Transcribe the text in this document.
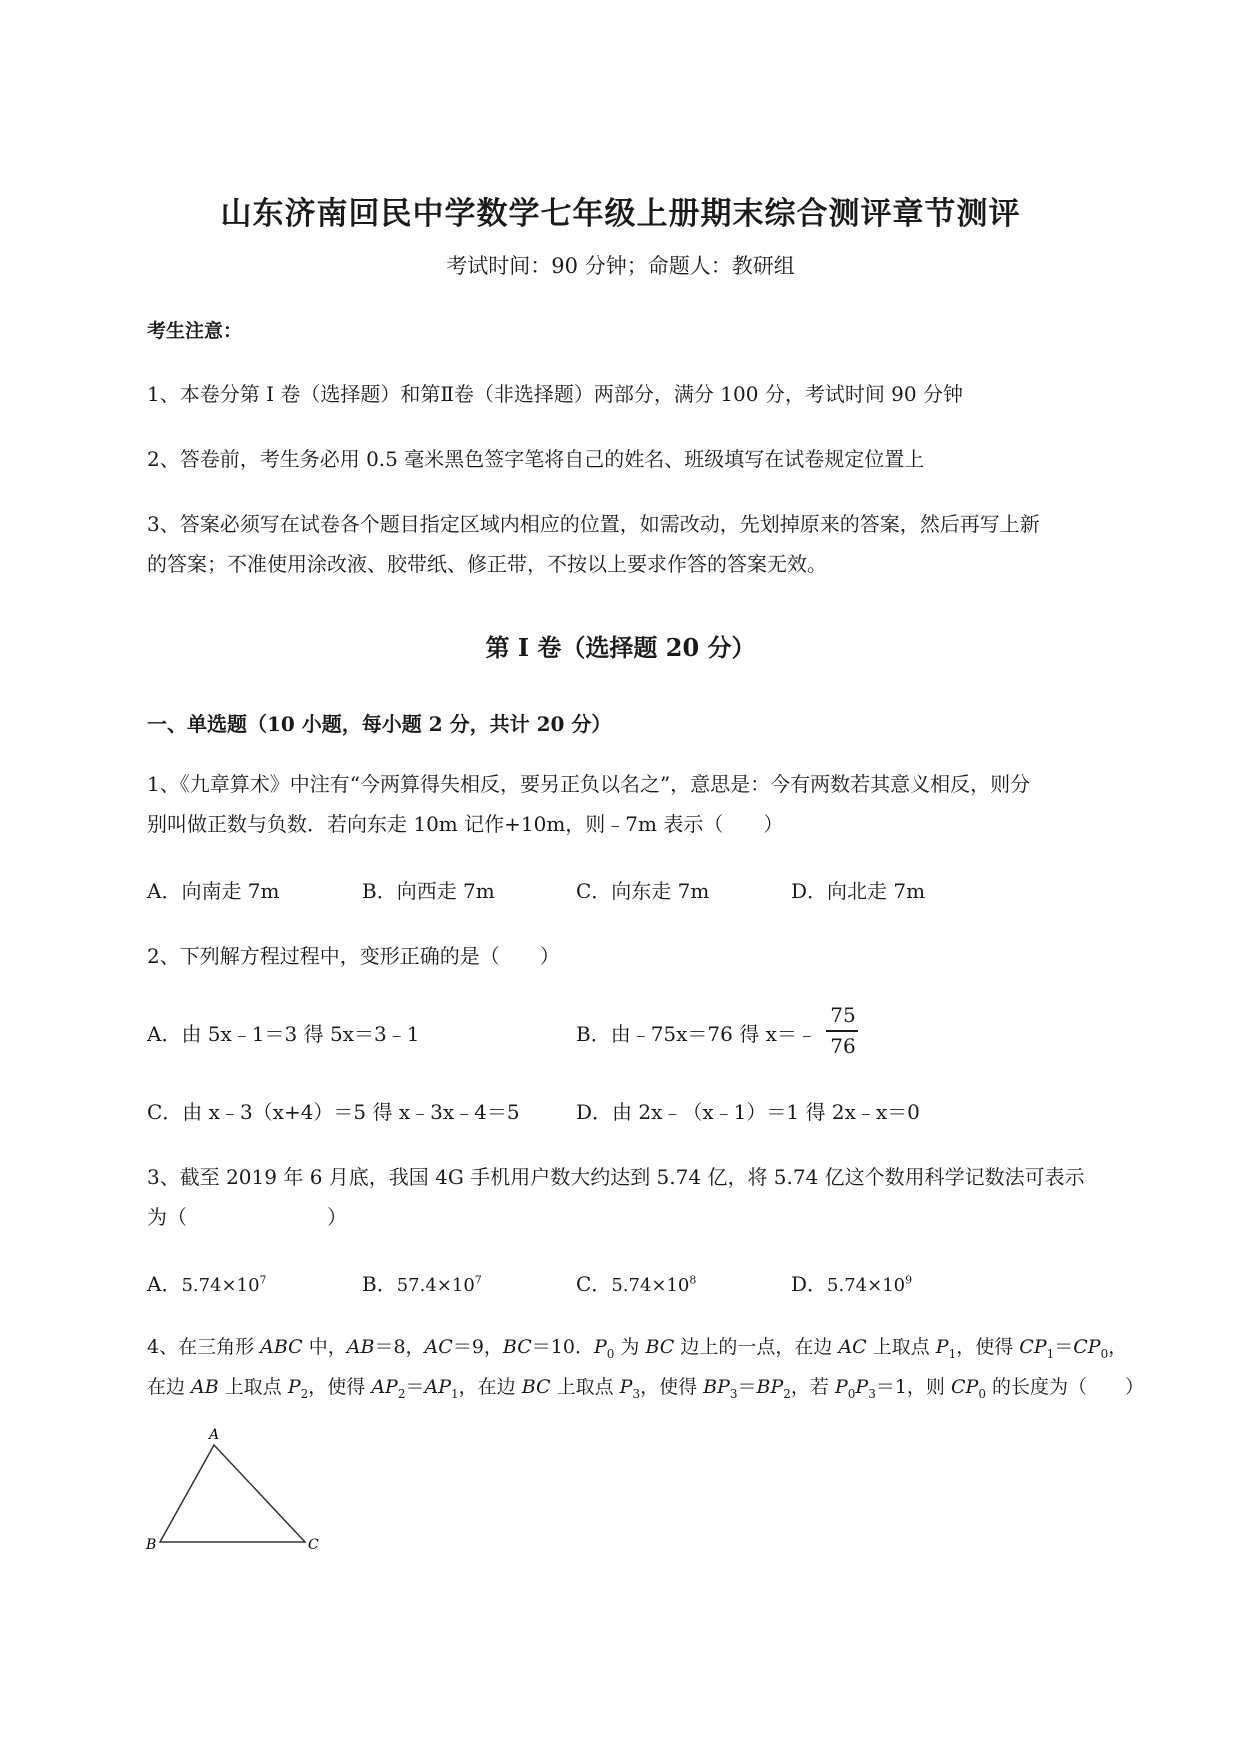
山东济南回民中学数学七年级上册期末综合测评章节测评
考试时间：90 分钟；命题人：教研组
考生注意：
1、本卷分第 I 卷（选择题）和第Ⅱ卷（非选择题）两部分，满分 100 分，考试时间 90 分钟
2、答卷前，考生务必用 0.5 毫米黑色签字笔将自己的姓名、班级填写在试卷规定位置上
3、答案必须写在试卷各个题目指定区域内相应的位置，如需改动，先划掉原来的答案，然后再写上新
的答案；不准使用涂改液、胶带纸、修正带，不按以上要求作答的答案无效。
第 I 卷（选择题 20 分）
一、单选题（10 小题，每小题 2 分，共计 20 分）
1、《九章算术》中注有“今两算得失相反，要另正负以名之”，意思是：今有两数若其意义相反，则分
别叫做正数与负数．若向东走 10m 记作+10m，则﹣7m 表示（　　）
A．向南走 7m	B．向西走 7m	C．向东走 7m	D．向北走 7m
2、下列解方程过程中，变形正确的是（　　）
A．由 5x﹣1＝3 得 5x＝3﹣1	B．由﹣75x＝76 得 x＝﹣
75
76
C．由 x﹣3（x+4）＝5 得 x﹣3x﹣4＝5	D．由 2x﹣（x﹣1）＝1 得 2x﹣x＝0
3、截至 2019 年 6 月底，我国 4G 手机用户数大约达到 5.74 亿，将 5.74 亿这个数用科学记数法可表示
为（　　　　　　　）
A．$5.74\times 10^7$	B．$57.4\times 10^7$	C．$5.74\times 10^8$	D．$5.74\times 10^9$
4、在三角形 ABC 中，AB＝8，AC＝9，BC＝10．$P_0$ 为 BC 边上的一点，在边 AC 上取点 $P_1$，使得 $CP_1=CP_0$，
在边 AB 上取点 $P_2$，使得 $AP_2=AP_1$，在边 BC 上取点 $P_3$，使得 $BP_3=BP_2$，若 $P_0P_3=1$，则 $CP_0$ 的长度为（　　）
A
B	C
